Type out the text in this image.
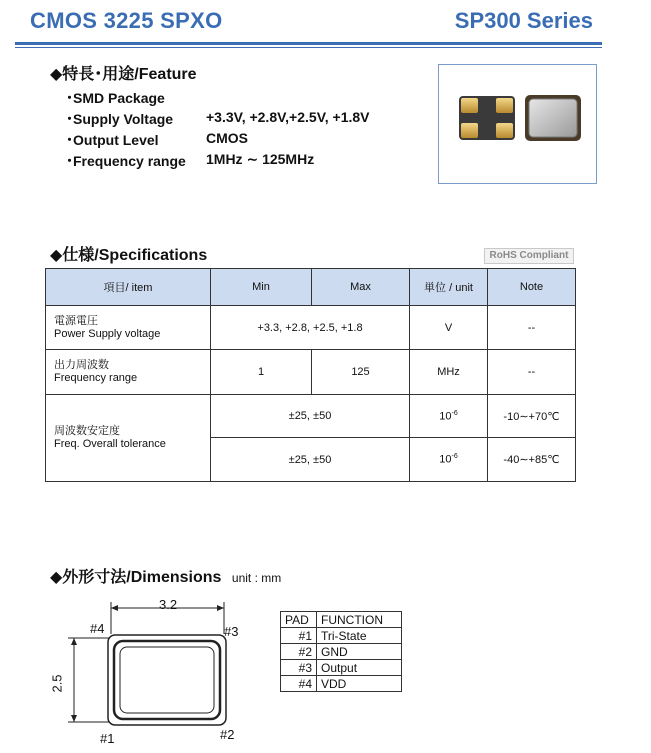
CMOS 3225 SPXO	SP300 Series
◆特長･用途/Feature
･SMD Package
･Supply Voltage +3.3V, +2.8V,+2.5V, +1.8V
･Output Level	CMOS
･Frequency range 1MHz ∼ 125MHz
◆仕様/Specifications	RoHS Compliant
項目/ item	Min	Max	単位 / unit	Note

電源電圧
Power Supply voltage	+3.3, +2.8, +2.5, +1.8		V	--

出力周波数
Frequency range	1	125	MHz	--

周波数安定度
Freq. Overall tolerance	±25, ±50		$10^{-6}$	-10∼+70℃
	±25, ±50		$10^{-6}$	-40∼+85℃
◆外形寸法/Dimensions unit : mm
3.2
2.5
#4	#3
#1	#2
PAD	FUNCTION
#1	Tri-State
#2	GND
#3	Output
#4	VDD
